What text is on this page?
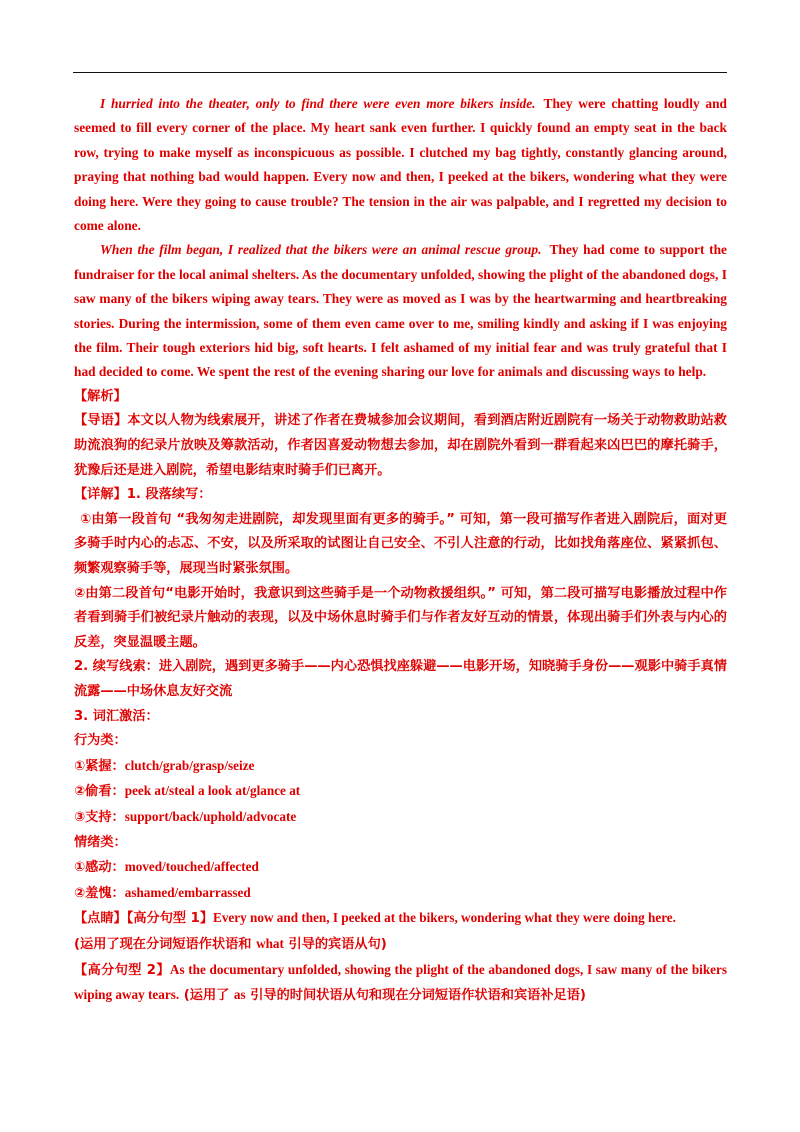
I hurried into the theater, only to find there were even more bikers inside. They were chatting loudly and seemed to fill every corner of the place. My heart sank even further. I quickly found an empty seat in the back row, trying to make myself as inconspicuous as possible. I clutched my bag tightly, constantly glancing around, praying that nothing bad would happen. Every now and then, I peeked at the bikers, wondering what they were doing here. Were they going to cause trouble? The tension in the air was palpable, and I regretted my decision to come alone.

When the film began, I realized that the bikers were an animal rescue group. They had come to support the fundraiser for the local animal shelters. As the documentary unfolded, showing the plight of the abandoned dogs, I saw many of the bikers wiping away tears. They were as moved as I was by the heartwarming and heartbreaking stories. During the intermission, some of them even came over to me, smiling kindly and asking if I was enjoying the film. Their tough exteriors hid big, soft hearts. I felt ashamed of my initial fear and was truly grateful that I had decided to come. We spent the rest of the evening sharing our love for animals and discussing ways to help.

【解析】

【导语】本文以人物为线索展开，讲述了作者在费城参加会议期间，看到酒店附近剧院有一场关于动物救助站救助流浪狗的纪录片放映及筹款活动，作者因喜爱动物想去参加，却在剧院外看到一群看起来凶巴巴的摩托骑手，犹豫后还是进入剧院，希望电影结束时骑手们已离开。

【详解】1. 段落续写：

①由第一段首句 “我匆匆走进剧院，却发现里面有更多的骑手。” 可知，第一段可描写作者进入剧院后，面对更多骑手时内心的忐忑、不安，以及所采取的试图让自己安全、不引人注意的行动，比如找角落座位、紧紧抓包、频繁观察骑手等，展现当时紧张氛围。

②由第二段首句“电影开始时，我意识到这些骑手是一个动物救援组织。” 可知，第二段可描写电影播放过程中作者看到骑手们被纪录片触动的表现，以及中场休息时骑手们与作者友好互动的情景，体现出骑手们外表与内心的反差，突显温暖主题。

2. 续写线索：进入剧院，遇到更多骑手——内心恐惧找座躲避——电影开场，知晓骑手身份——观影中骑手真情流露——中场休息友好交流

3. 词汇激活：

行为类：

①紧握：clutch/grab/grasp/seize

②偷看：peek at/steal a look at/glance at

③支持：support/back/uphold/advocate

情绪类：

①感动：moved/touched/affected

②羞愧：ashamed/embarrassed

【点睛】【高分句型 1】Every now and then, I peeked at the bikers, wondering what they were doing here.
(运用了现在分词短语作状语和 what 引导的宾语从句)

【高分句型 2】As the documentary unfolded, showing the plight of the abandoned dogs, I saw many of the bikers wiping away tears. (运用了 as 引导的时间状语从句和现在分词短语作状语和宾语补足语)
